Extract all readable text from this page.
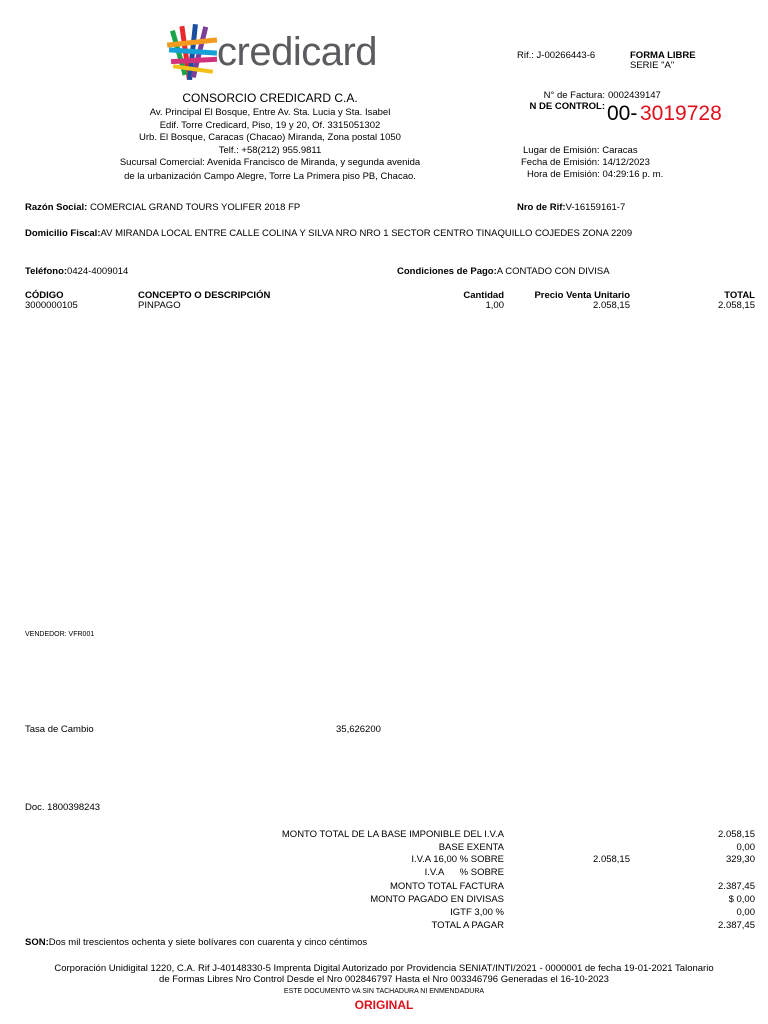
credicard
CONSORCIO CREDICARD C.A.
Av. Principal El Bosque, Entre Av. Sta. Lucia y Sta. Isabel
Edif. Torre Credicard, Piso, 19 y 20, Of. 3315051302
Urb. El Bosque, Caracas (Chacao) Miranda, Zona postal 1050
Telf.: +58(212) 955.9811
Sucursal Comercial: Avenida Francisco de Miranda, y segunda avenida
de la urbanización Campo Alegre, Torre La Primera piso PB, Chacao.
Rif.: J-00266443-6	FORMA LIBRE
SERIE "A"
N° de Factura: 0002439147
N DE CONTROL: 00- 3019728
Lugar de Emisión: Caracas
Fecha de Emisión: 14/12/2023
Hora de Emisión: 04:29:16 p. m.
Razón Social: COMERCIAL GRAND TOURS YOLIFER 2018 FP	Nro de Rif:V-16159161-7
Domicilio Fiscal:AV MIRANDA LOCAL ENTRE CALLE COLINA Y SILVA NRO NRO 1 SECTOR CENTRO TINAQUILLO COJEDES ZONA 2209
Teléfono:0424-4009014	Condiciones de Pago:A CONTADO CON DIVISA
CÓDIGO	CONCEPTO O DESCRIPCIÓN	Cantidad	Precio Venta Unitario	TOTAL
3000000105	PINPAGO	1,00	2.058,15	2.058,15
VENDEDOR: VFR001
Tasa de Cambio	35,626200
Doc. 1800398243
MONTO TOTAL DE LA BASE IMPONIBLE DEL I.V.A	2.058,15
BASE EXENTA	0,00
I.V.A 16,00 % SOBRE	2.058,15	329,30
I.V.A      % SOBRE
MONTO TOTAL FACTURA	2.387,45
MONTO PAGADO EN DIVISAS	$ 0,00
IGTF 3,00 %	0,00
TOTAL A PAGAR	2.387,45
SON:Dos mil trescientos ochenta y siete bolívares con cuarenta y cinco céntimos
Corporación Unidigital 1220, C.A. Rif J-40148330-5 Imprenta Digital Autorizado por Providencia SENIAT/INTI/2021 - 0000001 de fecha 19-01-2021 Talonario
de Formas Libres Nro Control Desde el Nro 002846797 Hasta el Nro 003346796 Generadas el 16-10-2023
ESTE DOCUMENTO VA SIN TACHADURA NI ENMENDADURA
ORIGINAL
